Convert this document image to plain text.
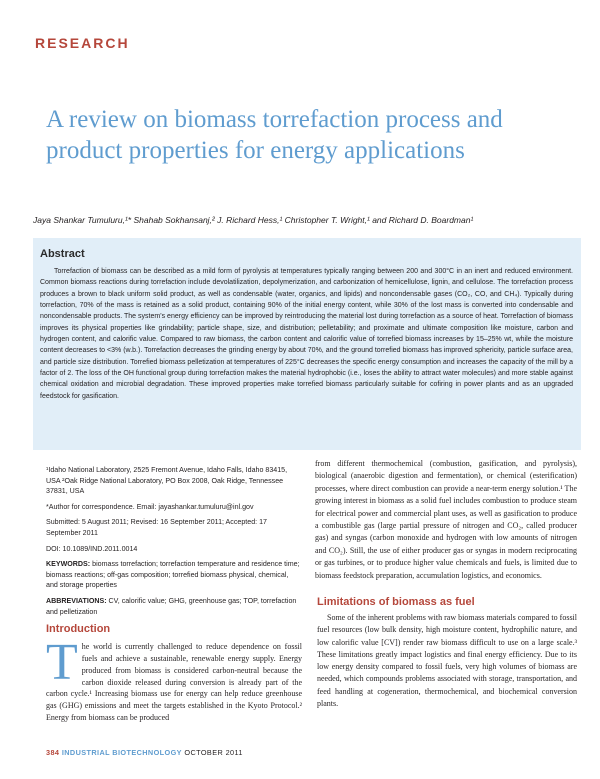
RESEARCH
A review on biomass torrefaction process and product properties for energy applications
Jaya Shankar Tumuluru,¹* Shahab Sokhansanj,² J. Richard Hess,¹ Christopher T. Wright,¹ and Richard D. Boardman¹
Abstract

Torrefaction of biomass can be described as a mild form of pyrolysis at temperatures typically ranging between 200 and 300°C in an inert and reduced environment. Common biomass reactions during torrefaction include devolatilization, depolymerization, and carbonization of hemicellulose, lignin, and cellulose. The torrefaction process produces a brown to black uniform solid product, as well as condensable (water, organics, and lipids) and noncondensable gases (CO₂, CO, and CH₄). Typically during torrefaction, 70% of the mass is retained as a solid product, containing 90% of the initial energy content, while 30% of the lost mass is converted into condensable and noncondensable products. The system's energy efficiency can be improved by reintroducing the material lost during torrefaction as a source of heat. Torrefaction of biomass improves its physical properties like grindability; particle shape, size, and distribution; pelletability; and proximate and ultimate composition like moisture, carbon and hydrogen content, and calorific value. Compared to raw biomass, the carbon content and calorific value of torrefied biomass increases by 15–25% wt, while the moisture content decreases to <3% (w.b.). Torrefaction decreases the grinding energy by about 70%, and the ground torrefied biomass has improved sphericity, particle surface area, and particle size distribution. Torrefied biomass pelletization at temperatures of 225°C decreases the specific energy consumption and increases the capacity of the mill by a factor of 2. The loss of the OH functional group during torrefaction makes the material hydrophobic (i.e., loses the ability to attract water molecules) and more stable against chemical oxidation and microbial degradation. These improved properties make torrefied biomass particularly suitable for cofiring in power plants and as an upgraded feedstock for gasification.

¹Idaho National Laboratory, 2525 Fremont Avenue, Idaho Falls, Idaho 83415, USA ²Oak Ridge National Laboratory, PO Box 2008, Oak Ridge, Tennessee 37831, USA

*Author for correspondence. Email: jayashankar.tumuluru@inl.gov

Submitted: 5 August 2011; Revised: 16 September 2011; Accepted: 17 September 2011

DOI: 10.1089/IND.2011.0014

KEYWORDS: biomass torrefaction; torrefaction temperature and residence time; biomass reactions; off-gas composition; torrefied biomass physical, chemical, and storage properties

ABBREVIATIONS: CV, calorific value; GHG, greenhouse gas; TOP, torrefaction and pelletization

Introduction

The world is currently challenged to reduce dependence on fossil fuels and achieve a sustainable, renewable energy supply. Energy produced from biomass is considered carbon-neutral because the carbon dioxide released during conversion is already part of the carbon cycle.¹ Increasing biomass use for energy can help reduce greenhouse gas (GHG) emissions and meet the targets established in the Kyoto Protocol.² Energy from biomass can be produced

from different thermochemical (combustion, gasification, and pyrolysis), biological (anaerobic digestion and fermentation), or chemical (esterification) processes, where direct combustion can provide a near-term energy solution.¹ The growing interest in biomass as a solid fuel includes combustion to produce steam for electrical power and commercial plant uses, as well as gasification to produce a combustible gas (large partial pressure of nitrogen and CO₂, called producer gas) and syngas (carbon monoxide and hydrogen with low amounts of nitrogen and CO₂). Still, the use of either producer gas or syngas in modern reciprocating or gas turbines, or to produce higher value chemicals and fuels, is limited due to biomass feedstock preparation, accumulation logistics, and economics.

Limitations of biomass as fuel

Some of the inherent problems with raw biomass materials compared to fossil fuel resources (low bulk density, high moisture content, hydrophilic nature, and low calorific value [CV]) render raw biomass difficult to use on a large scale.³ These limitations greatly impact logistics and final energy efficiency. Due to its low energy density compared to fossil fuels, very high volumes of biomass are needed, which compounds problems associated with storage, transportation, and feed handling at cogeneration, thermochemical, and biochemical conversion plants.

384 INDUSTRIAL BIOTECHNOLOGY OCTOBER 2011
